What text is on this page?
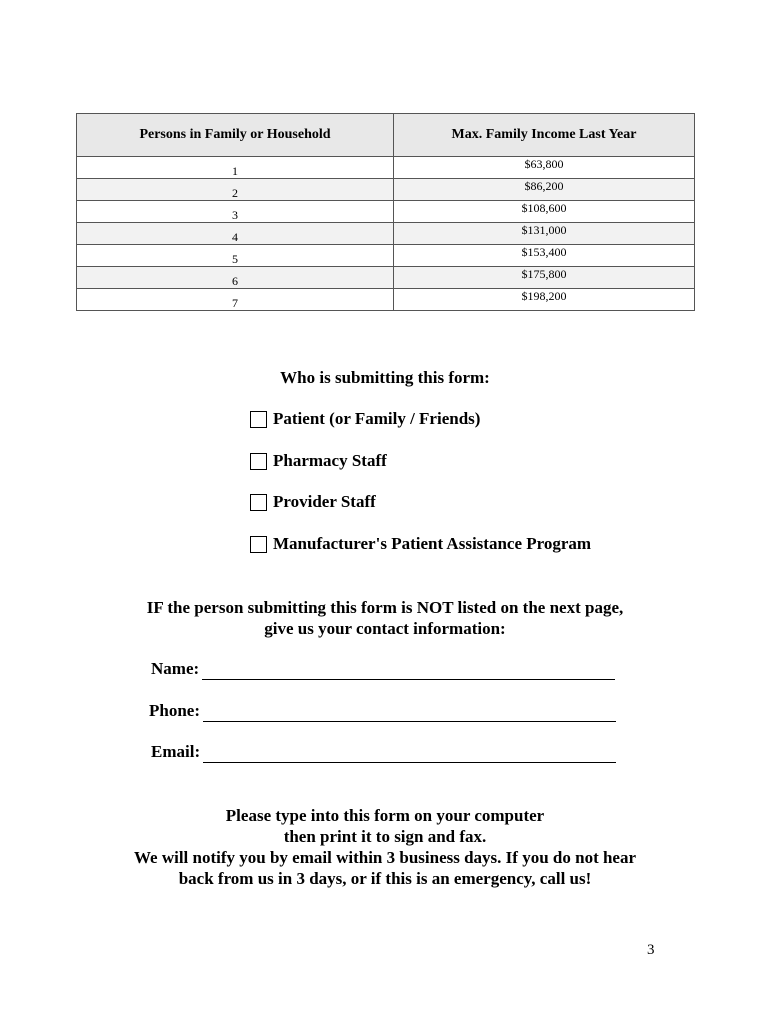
Persons in Family or Household	Max. Family Income Last Year
1	$63,800
2	$86,200
3	$108,600
4	$131,000
5	$153,400
6	$175,800
7	$198,200
Who is submitting this form:
Patient (or Family / Friends)
Pharmacy Staff
Provider Staff
Manufacturer's Patient Assistance Program
IF the person submitting this form is NOT listed on the next page,
give us your contact information:
Name:
Phone:
Email:
Please type into this form on your computer
then print it to sign and fax.
We will notify you by email within 3 business days. If you do not hear
back from us in 3 days, or if this is an emergency, call us!
3
